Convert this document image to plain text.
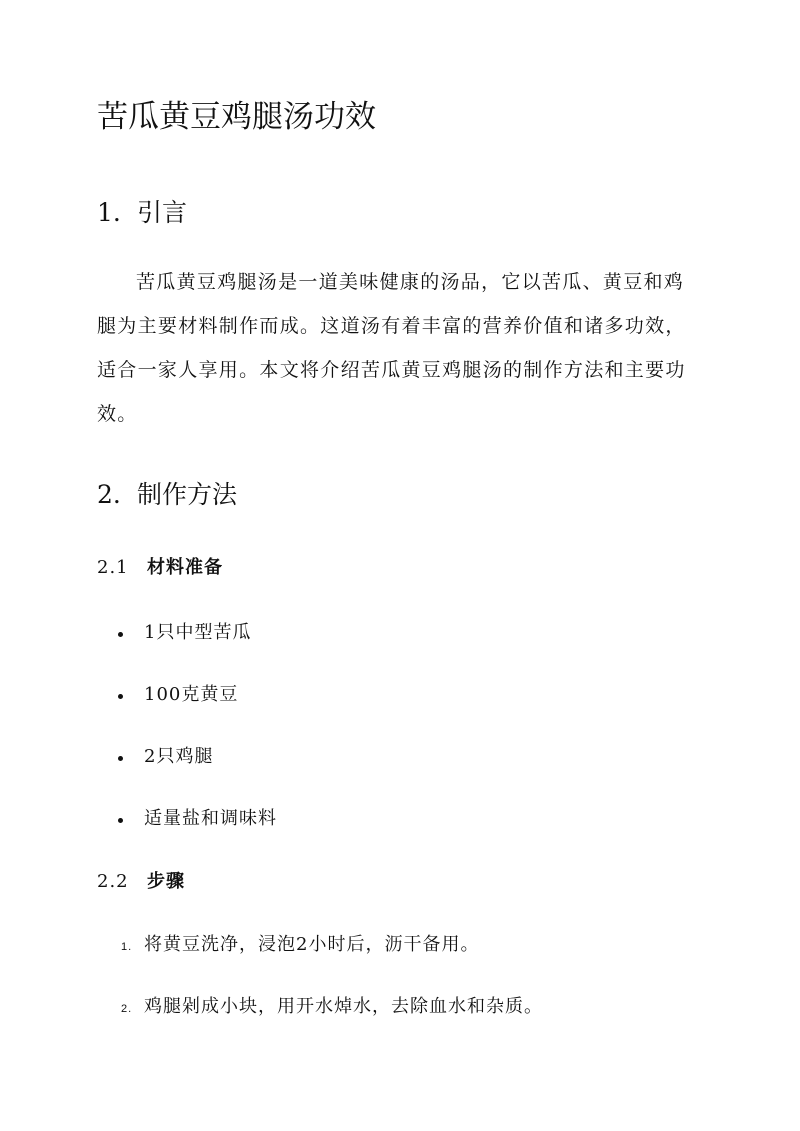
苦瓜黄豆鸡腿汤功效
1. 引言

苦瓜黄豆鸡腿汤是一道美味健康的汤品，它以苦瓜、黄豆和鸡
腿为主要材料制作而成。这道汤有着丰富的营养价值和诸多功效，
适合一家人享用。本文将介绍苦瓜黄豆鸡腿汤的制作方法和主要功
效。

2. 制作方法
2.1 材料准备
1只中型苦瓜
100克黄豆
2只鸡腿
适量盐和调味料
2.2 步骤
1. 将黄豆洗净，浸泡2小时后，沥干备用。
2. 鸡腿剁成小块，用开水焯水，去除血水和杂质。
